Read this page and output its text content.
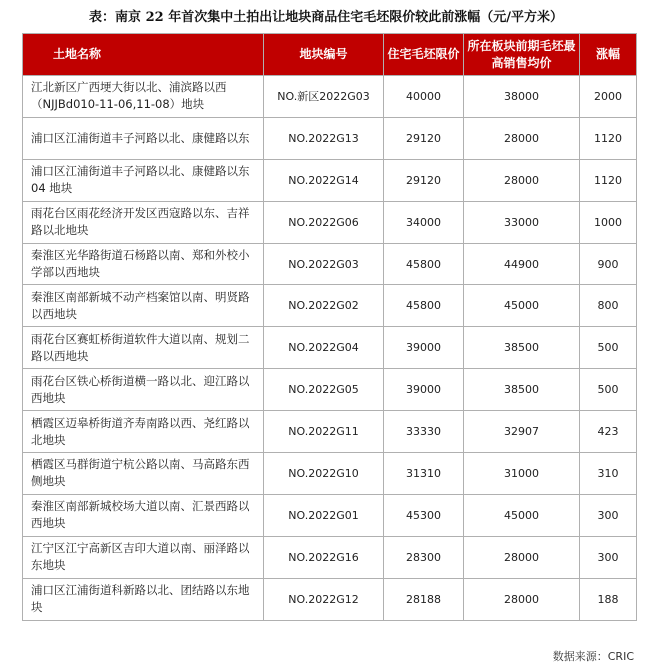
表：南京 22 年首次集中土拍出让地块商品住宅毛坯限价较此前涨幅（元/平方米）
土地名称	地块编号	住宅毛坯限价	所在板块前期毛坯最高销售均价	涨幅
江北新区广西埂大街以北、浦滨路以西（NJJBd010-11-06,11-08）地块	NO.新区2022G03	40000	38000	2000
浦口区江浦街道丰子河路以北、康健路以东	NO.2022G13	29120	28000	1120
浦口区江浦街道丰子河路以北、康健路以东 04 地块	NO.2022G14	29120	28000	1120
雨花台区雨花经济开发区西寇路以东、吉祥路以北地块	NO.2022G06	34000	33000	1000
秦淮区光华路街道石杨路以南、郑和外校小学部以西地块	NO.2022G03	45800	44900	900
秦淮区南部新城不动产档案馆以南、明贤路以西地块	NO.2022G02	45800	45000	800
雨花台区赛虹桥街道软件大道以南、规划二路以西地块	NO.2022G04	39000	38500	500
雨花台区铁心桥街道横一路以北、迎江路以西地块	NO.2022G05	39000	38500	500
栖霞区迈皋桥街道齐寿南路以西、尧红路以北地块	NO.2022G11	33330	32907	423
栖霞区马群街道宁杭公路以南、马高路东西侧地块	NO.2022G10	31310	31000	310
秦淮区南部新城校场大道以南、汇景西路以西地块	NO.2022G01	45300	45000	300
江宁区江宁高新区吉印大道以南、丽泽路以东地块	NO.2022G16	28300	28000	300
浦口区江浦街道科新路以北、团结路以东地块	NO.2022G12	28188	28000	188
数据来源：CRIC
